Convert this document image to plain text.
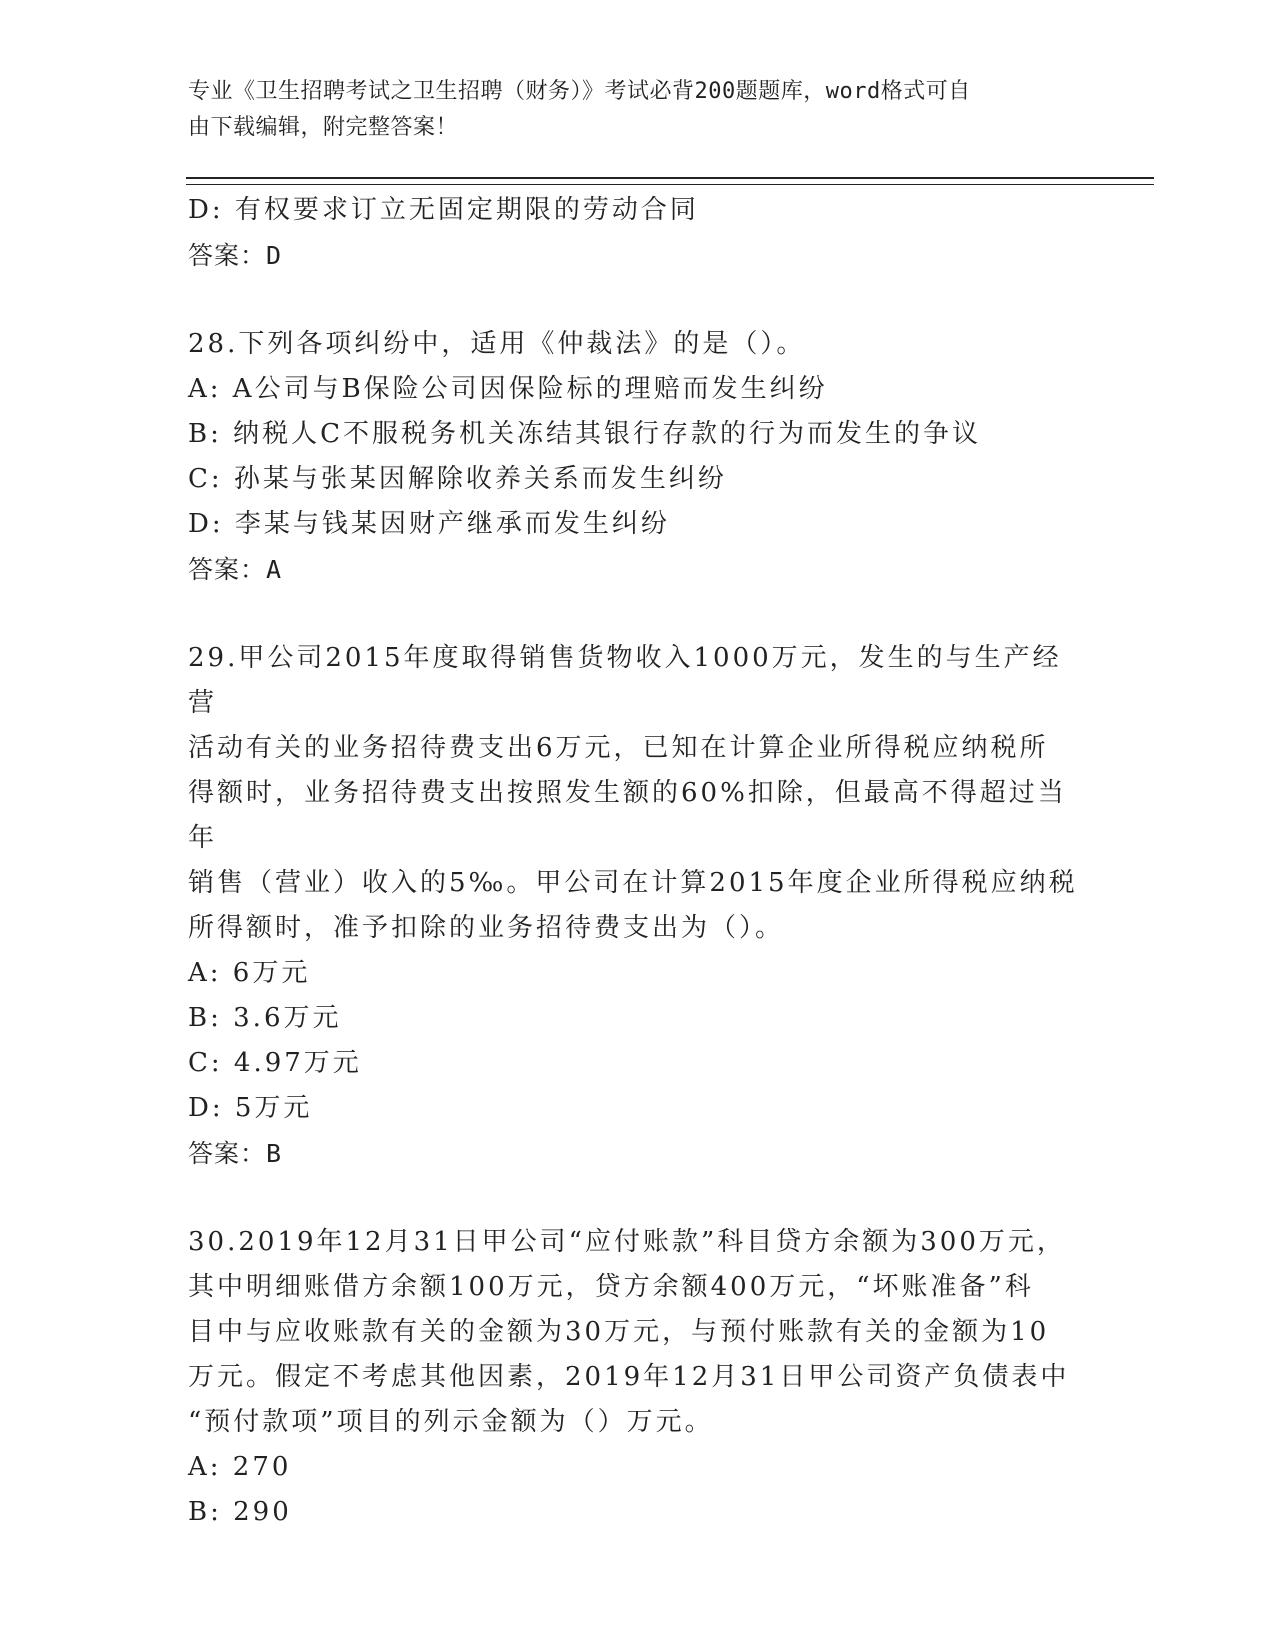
专业《卫生招聘考试之卫生招聘（财务）》考试必背200题题库，word格式可自
由下载编辑，附完整答案！
D: 有权要求订立无固定期限的劳动合同
答案：D
28.下列各项纠纷中，适用《仲裁法》的是（）。
A: A公司与B保险公司因保险标的理赔而发生纠纷
B: 纳税人C不服税务机关冻结其银行存款的行为而发生的争议
C: 孙某与张某因解除收养关系而发生纠纷
D: 李某与钱某因财产继承而发生纠纷
答案：A
29.甲公司2015年度取得销售货物收入1000万元，发生的与生产经营
活动有关的业务招待费支出6万元，已知在计算企业所得税应纳税所
得额时，业务招待费支出按照发生额的60%扣除，但最高不得超过当年
销售（营业）收入的5‰。甲公司在计算2015年度企业所得税应纳税
所得额时，准予扣除的业务招待费支出为（）。
A: 6万元
B: 3.6万元
C: 4.97万元
D: 5万元
答案：B
30.2019年12月31日甲公司“应付账款”科目贷方余额为300万元，
其中明细账借方余额100万元，贷方余额400万元，“坏账准备”科
目中与应收账款有关的金额为30万元，与预付账款有关的金额为10
万元。假定不考虑其他因素，2019年12月31日甲公司资产负债表中
“预付款项”项目的列示金额为（）万元。
A: 270
B: 290
